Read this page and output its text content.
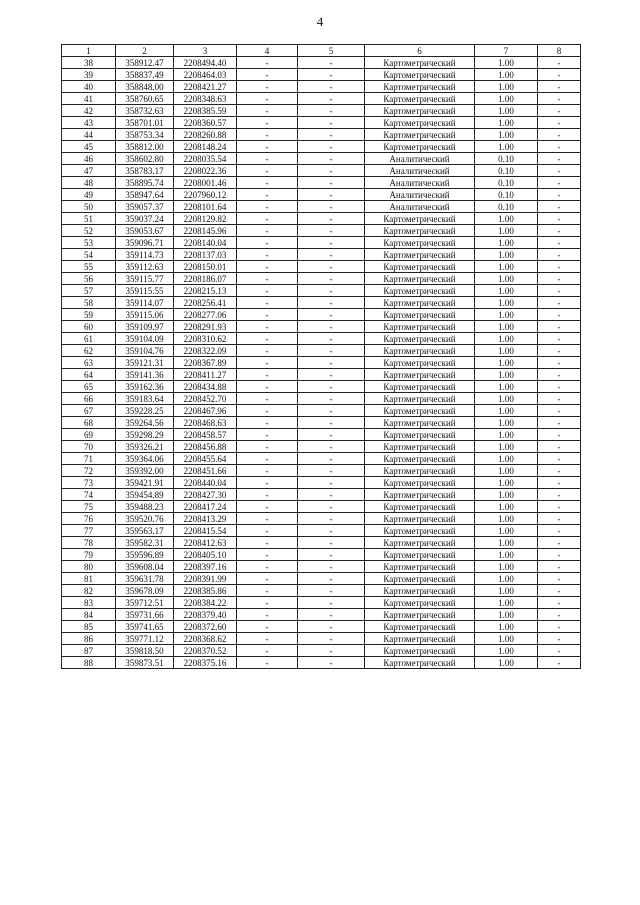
4
1	2	3	4	5	6	7	8
38	358912.47	2208494.40	-	-	Картометрический	1.00	-
39	358837.49	2208464.03	-	-	Картометрический	1.00	-
40	358848.00	2208421.27	-	-	Картометрический	1.00	-
41	358760.65	2208348.63	-	-	Картометрический	1.00	-
42	358732.63	2208385.59	-	-	Картометрический	1.00	-
43	358701.01	2208360.57	-	-	Картометрический	1.00	-
44	358753.34	2208260.88	-	-	Картометрический	1.00	-
45	358812.00	2208148.24	-	-	Картометрический	1.00	-
46	358602.80	2208035.54	-	-	Аналитический	0.10	-
47	358783.17	2208022.36	-	-	Аналитический	0.10	-
48	358895.74	2208001.46	-	-	Аналитический	0.10	-
49	358947.64	2207960.12	-	-	Аналитический	0.10	-
50	359057.37	2208101.64	-	-	Аналитический	0.10	-
51	359037.24	2208129.82	-	-	Картометрический	1.00	-
52	359053.67	2208145.96	-	-	Картометрический	1.00	-
53	359096.71	2208140.04	-	-	Картометрический	1.00	-
54	359114.73	2208137.03	-	-	Картометрический	1.00	-
55	359112.63	2208150.01	-	-	Картометрический	1.00	-
56	359115.77	2208186.07	-	-	Картометрический	1.00	-
57	359115.55	2208215.13	-	-	Картометрический	1.00	-
58	359114.07	2208256.41	-	-	Картометрический	1.00	-
59	359115.06	2208277.06	-	-	Картометрический	1.00	-
60	359109.97	2208291.93	-	-	Картометрический	1.00	-
61	359104.09	2208310.62	-	-	Картометрический	1.00	-
62	359104.76	2208322.09	-	-	Картометрический	1.00	-
63	359121.31	2208367.89	-	-	Картометрический	1.00	-
64	359141.36	2208411.27	-	-	Картометрический	1.00	-
65	359162.36	2208434.88	-	-	Картометрический	1.00	-
66	359183.64	2208452.70	-	-	Картометрический	1.00	-
67	359228.25	2208467.96	-	-	Картометрический	1.00	-
68	359264.56	2208468.63	-	-	Картометрический	1.00	-
69	359298.29	2208458.57	-	-	Картометрический	1.00	-
70	359326.21	2208456.88	-	-	Картометрический	1.00	-
71	359364.06	2208455.64	-	-	Картометрический	1.00	-
72	359392.00	2208451.66	-	-	Картометрический	1.00	-
73	359421.91	2208440.04	-	-	Картометрический	1.00	-
74	359454.89	2208427.30	-	-	Картометрический	1.00	-
75	359488.23	2208417.24	-	-	Картометрический	1.00	-
76	359520.76	2208413.29	-	-	Картометрический	1.00	-
77	359563.17	2208415.54	-	-	Картометрический	1.00	-
78	359582.31	2208412.63	-	-	Картометрический	1.00	-
79	359596.89	2208405.10	-	-	Картометрический	1.00	-
80	359608.04	2208397.16	-	-	Картометрический	1.00	-
81	359631.78	2208391.99	-	-	Картометрический	1.00	-
82	359678.09	2208385.86	-	-	Картометрический	1.00	-
83	359712.51	2208384.22	-	-	Картометрический	1.00	-
84	359731.66	2208379.40	-	-	Картометрический	1.00	-
85	359741.65	2208372.60	-	-	Картометрический	1.00	-
86	359771.12	2208368.62	-	-	Картометрический	1.00	-
87	359818.50	2208370.52	-	-	Картометрический	1.00	-
88	359873.51	2208375.16	-	-	Картометрический	1.00	-
